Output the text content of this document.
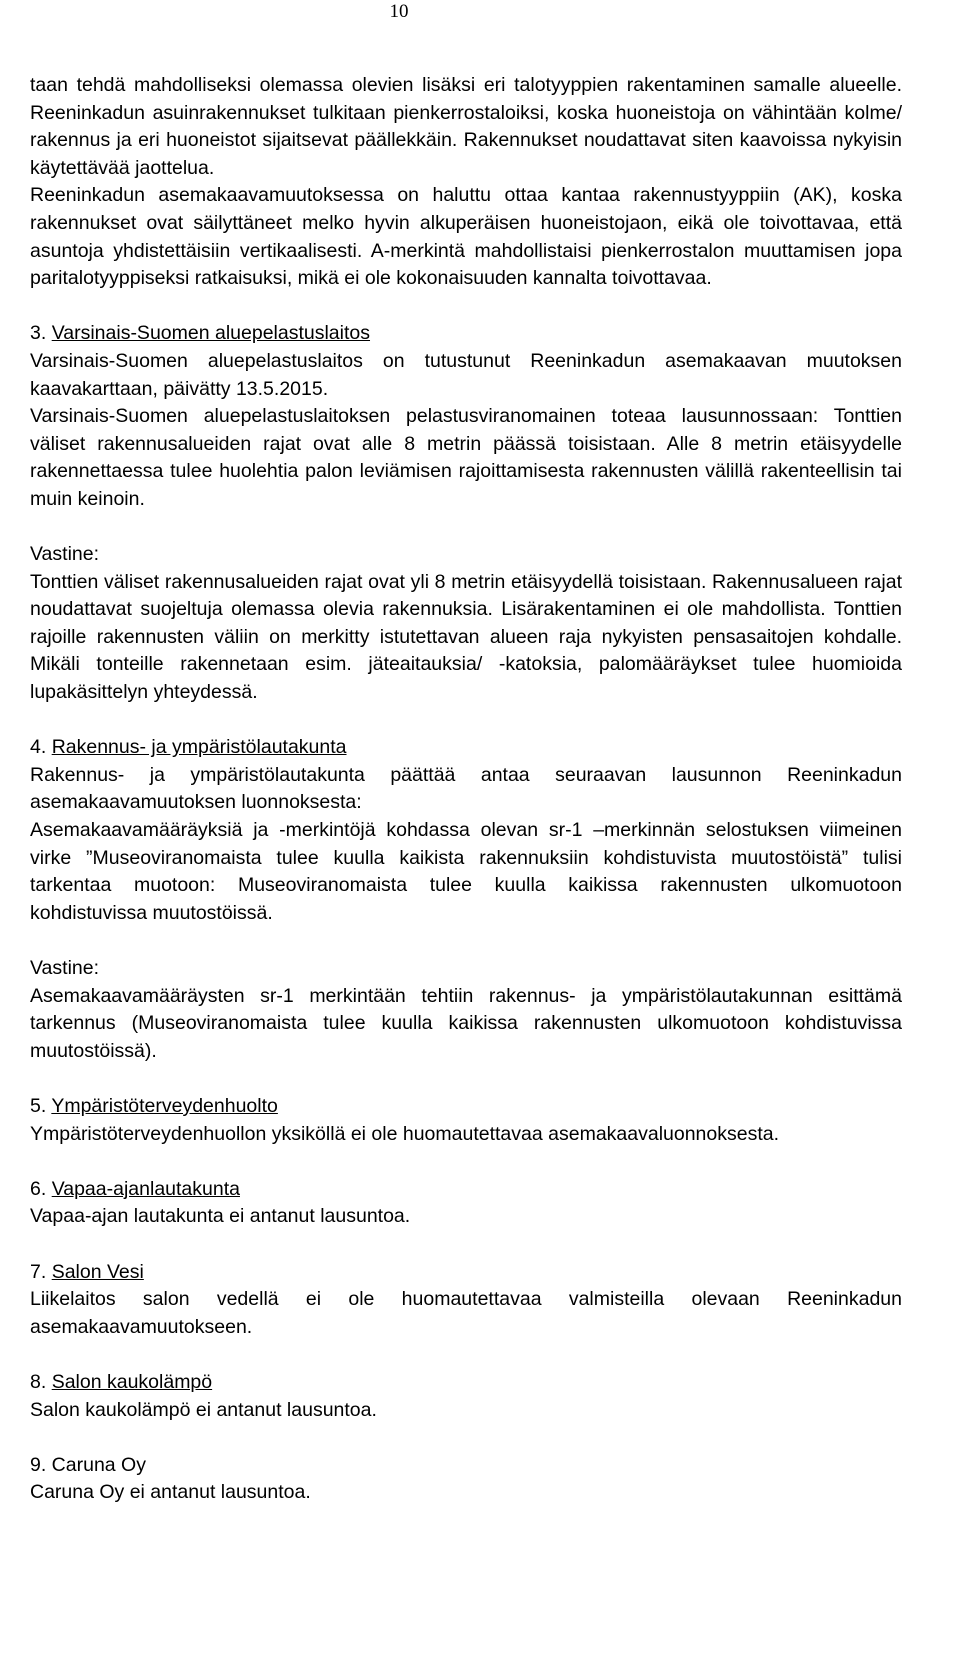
10

taan tehdä mahdolliseksi olemassa olevien lisäksi eri talotyyppien rakentaminen samalle alueelle. Reeninkadun asuinrakennukset tulkitaan pienkerrostaloiksi, koska huoneistoja on vähintään kolme/ rakennus ja eri huoneistot sijaitsevat päällekkäin. Rakennukset noudattavat siten kaavoissa nykyisin käytettävää jaottelua.

Reeninkadun asemakaavamuutoksessa on haluttu ottaa kantaa rakennustyyppiin (AK), koska rakennukset ovat säilyttäneet melko hyvin alkuperäisen huoneistojaon, eikä ole toivottavaa, että asuntoja yhdistettäisiin vertikaalisesti. A-merkintä mahdollistaisi pienkerrostalon muuttamisen jopa paritalotyyppiseksi ratkaisuksi, mikä ei ole kokonaisuuden kannalta toivottavaa.

3. Varsinais-Suomen aluepelastuslaitos

Varsinais-Suomen aluepelastuslaitos on tutustunut Reeninkadun asemakaavan muutoksen kaavakarttaan, päivätty 13.5.2015.

Varsinais-Suomen aluepelastuslaitoksen pelastusviranomainen toteaa lausunnossaan: Tonttien väliset rakennusalueiden rajat ovat alle 8 metrin päässä toisistaan. Alle 8 metrin etäisyydelle rakennettaessa tulee huolehtia palon leviämisen rajoittamisesta rakennusten välillä rakenteellisin tai muin keinoin.

Vastine:

Tonttien väliset rakennusalueiden rajat ovat yli 8 metrin etäisyydellä toisistaan. Rakennusalueen rajat noudattavat suojeltuja olemassa olevia rakennuksia. Lisärakentaminen ei ole mahdollista. Tonttien rajoille rakennusten väliin on merkitty istutettavan alueen raja nykyisten pensasaitojen kohdalle. Mikäli tonteille rakennetaan esim. jäteaitauksia/ -katoksia, palomääräykset tulee huomioida lupakäsittelyn yhteydessä.

4. Rakennus- ja ympäristölautakunta

Rakennus- ja ympäristölautakunta päättää antaa seuraavan lausunnon Reeninkadun asemakaavamuutoksen luonnoksesta:

Asemakaavamääräyksiä ja -merkintöjä kohdassa olevan sr-1 –merkinnän selostuksen viimeinen virke ”Museoviranomaista tulee kuulla kaikista rakennuksiin kohdistuvista muutostöistä” tulisi tarkentaa muotoon: Museoviranomaista tulee kuulla kaikissa rakennusten ulkomuotoon kohdistuvissa muutostöissä.

Vastine:

Asemakaavamääräysten sr-1 merkintään tehtiin rakennus- ja ympäristölautakunnan esittämä tarkennus (Museoviranomaista tulee kuulla kaikissa rakennusten ulkomuotoon kohdistuvissa muutostöissä).

5. Ympäristöterveydenhuolto

Ympäristöterveydenhuollon yksiköllä ei ole huomautettavaa asemakaavaluonnoksesta.

6. Vapaa-ajanlautakunta

Vapaa-ajan lautakunta ei antanut lausuntoa.

7. Salon Vesi

Liikelaitos salon vedellä ei ole huomautettavaa valmisteilla olevaan Reeninkadun asemakaavamuutokseen.

8. Salon kaukolämpö

Salon kaukolämpö ei antanut lausuntoa.

9. Caruna Oy

Caruna Oy ei antanut lausuntoa.
